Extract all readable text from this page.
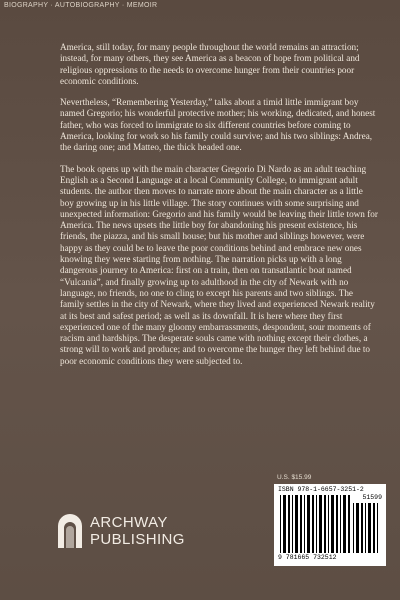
BIOGRAPHY · AUTOBIOGRAPHY · MEMOIR

America, still today, for many people throughout the world remains an attraction; instead, for many others, they see America as a beacon of hope from political and religious oppressions to the needs to overcome hunger from their countries poor economic conditions.

Nevertheless, “Remembering Yesterday,” talks about a timid little immigrant boy named Gregorio; his wonderful protective mother; his working, dedicated, and honest father, who was forced to immigrate to six different countries before coming to America, looking for work so his family could survive; and his two siblings: Andrea, the daring one; and Matteo, the thick headed one.

The book opens up with the main character Gregorio Di Nardo as an adult teaching English as a Second Language at a local Community College, to immigrant adult students. the author then moves to narrate more about the main character as a little boy growing up in his little village. The story continues with some surprising and unexpected information: Gregorio and his family would be leaving their little town for America. The news upsets the little boy for abandoning his present existence, his friends, the piazza, and his small house; but his mother and siblings however, were happy as they could be to leave the poor conditions behind and embrace new ones knowing they were starting from nothing. The narration picks up with a long dangerous journey to America: first on a train, then on transatlantic boat named “Vulcania”, and finally growing up to adulthood in the city of Newark with no language, no friends, no one to cling to except his parents and two siblings. The family settles in the city of Newark, where they lived and experienced Newark reality at its best and safest period; as well as its downfall. It is here where they first experienced one of the many gloomy embarrassments, despondent, sour moments of racism and hardships. The desperate souls came with nothing except their clothes, a strong will to work and produce; and to overcome the hunger they left behind due to poor economic conditions they were subjected to.

U.S. $15.99
ISBN 978-1-6657-3251-2
51599
9 781665 732512
ARCHWAY
PUBLISHING
